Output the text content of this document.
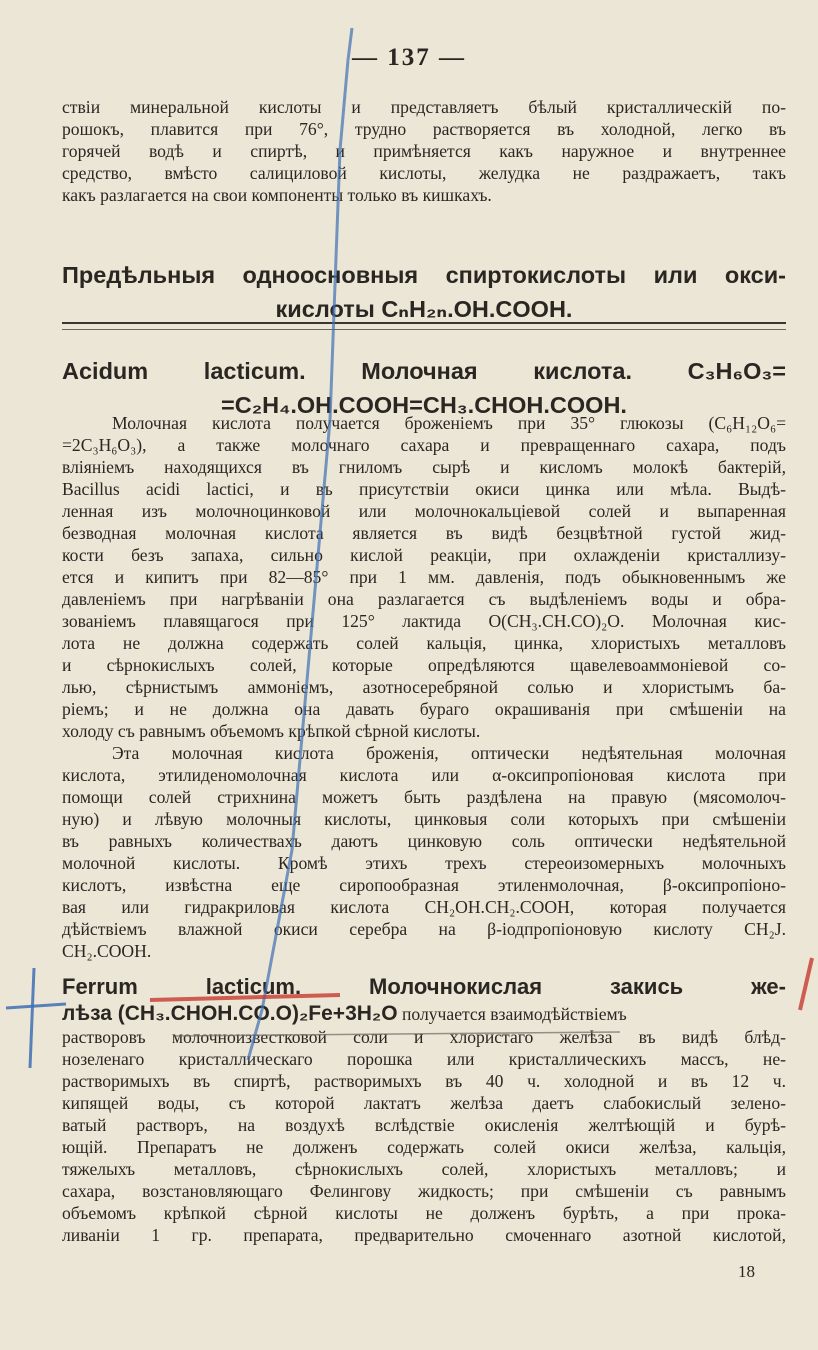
— 137 —
ствіи минеральной кислоты и представляетъ бѣлый кристаллическій по-
рошокъ, плавится при 76°, трудно растворяется въ холодной, легко въ
горячей водѣ и спиртѣ, и примѣняется какъ наружное и внутреннее
средство, вмѣсто салициловой кислоты, желудка не раздражаетъ, такъ
какъ разлагается на свои компоненты только въ кишкахъ.
Предѣльныя одноосновныя спиртокислоты или окси-
кислоты CₙH₂ₙ.OH.COOH.
Acidum lacticum. Молочная кислота. C₃H₆O₃=
=C₂H₄.OH.COOH=CH₃.CHOH.COOH.
Молочная кислота получается броженіемъ при 35° глюкозы (C₆H₁₂O₆=
=2C₃H₆O₃), а также молочнаго сахара и превращеннаго сахара, подъ
вліяніемъ находящихся въ гниломъ сырѣ и кисломъ молокѣ бактерій,
Bacillus acidi lactici, и въ присутствіи окиси цинка или мѣла. Выдѣ-
ленная изъ молочноцинковой или молочнокальцiевой солей и выпаренная
безводная молочная кислота является въ видѣ безцвѣтной густой жид-
кости безъ запаха, сильно кислой реакціи, при охлажденіи кристаллизу-
ется и кипитъ при 82—85° при 1 мм. давленія, подъ обыкновеннымъ же
давленіемъ при нагрѣваніи она разлагается съ выдѣленіемъ воды и обра-
зованіемъ плавящагося при 125° лактида O(CH₃.CH.CO)₂O. Молочная кис-
лота не должна содержать солей кальція, цинка, хлористыхъ металловъ
и сѣрнокислыхъ солей, которые опредѣляются щавелевоаммонiевой со-
лью, сѣрнистымъ аммоніемъ, азотносеребряной солью и хлористымъ ба-
ріемъ; и не должна она давать бураго окрашиванія при смѣшеніи на
холоду съ равнымъ объемомъ крѣпкой сѣрной кислоты.
Эта молочная кислота броженія, оптически недѣятельная молочная
кислота, этилиденомолочная кислота или α-оксипропіоновая кислота при
помощи солей стрихнина можетъ быть раздѣлена на правую (мясомолоч-
ную) и лѣвую молочныя кислоты, цинковыя соли которыхъ при смѣшеніи
въ равныхъ количествахъ даютъ цинковую соль оптически недѣятельной
молочной кислоты. Кромѣ этихъ трехъ стереоизомерныхъ молочныхъ
кислотъ, извѣстна еще сиропообразная этиленмолочная, β-оксипропіоно-
вая или гидракриловая кислота CH₂OH.CH₂.COOH, которая получается
дѣйствіемъ влажной окиси серебра на β-іодпропіоновую кислоту CH₂J.
CH₂.COOH.
Ferrum lacticum. Молочнокислая закись же-
лѣза (CH₃.CHOH.CO.O)₂Fe+3H₂O получается взаимодѣйствіемъ
растворовъ молочноизвестковой соли и хлористаго желѣза въ видѣ блѣд-
нозеленаго кристаллическаго порошка или кристаллическихъ массъ, не-
растворимыхъ въ спиртѣ, растворимыхъ въ 40 ч. холодной и въ 12 ч.
кипящей воды, съ которой лактатъ желѣза даетъ слабокислый зелено-
ватый растворъ, на воздухѣ вслѣдствіе окисленія желтѣющій и бурѣ-
ющій. Препаратъ не долженъ содержать солей окиси желѣза, кальція,
тяжелыхъ металловъ, сѣрнокислыхъ солей, хлористыхъ металловъ; и
сахара, возстановляющаго Фелингову жидкость; при смѣшеніи съ равнымъ
объемомъ крѣпкой сѣрной кислоты не долженъ бурѣть, а при прока-
ливаніи 1 гр. препарата, предварительно смоченнаго азотной кислотой,
18
